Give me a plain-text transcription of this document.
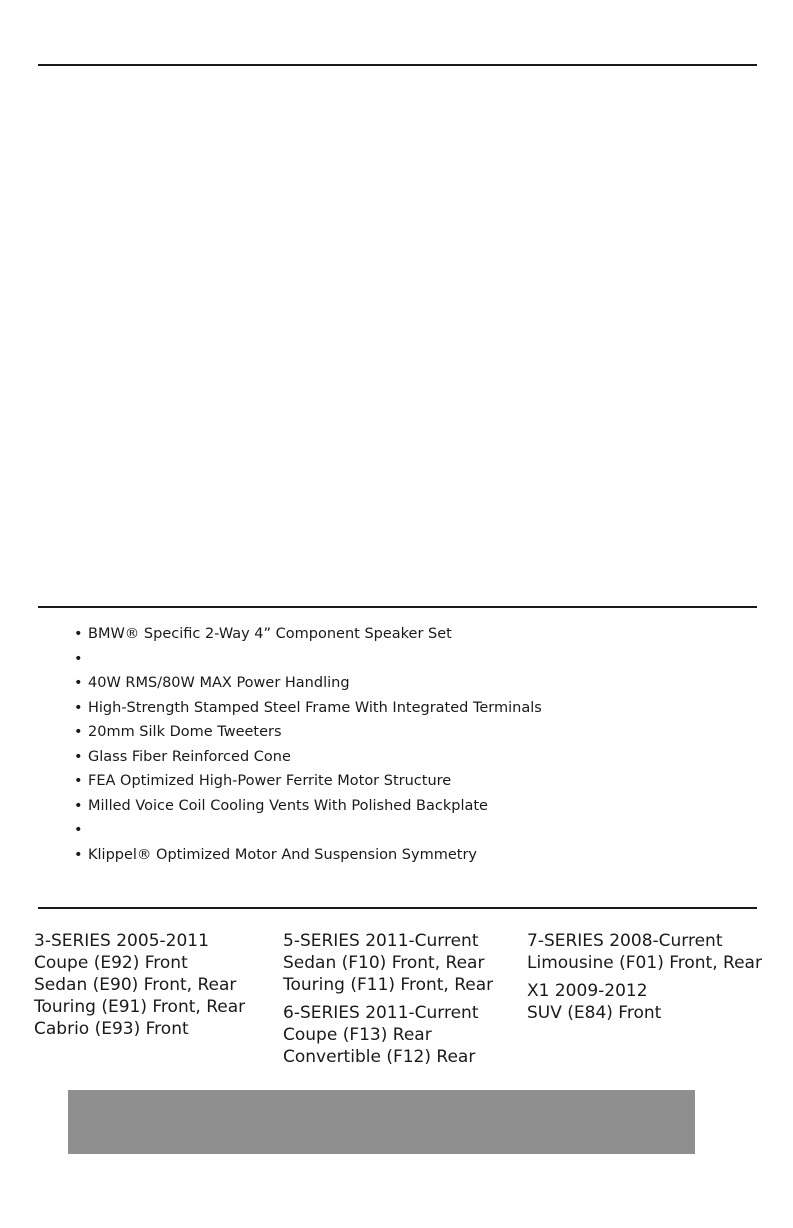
• BMW® Specific 2-Way 4” Component Speaker Set
•
• 40W RMS/80W MAX Power Handling
• High-Strength Stamped Steel Frame With Integrated Terminals
• 20mm Silk Dome Tweeters
• Glass Fiber Reinforced Cone
• FEA Optimized High-Power Ferrite Motor Structure
• Milled Voice Coil Cooling Vents With Polished Backplate
•
• Klippel® Optimized Motor And Suspension Symmetry
3-SERIES 2005-2011
Coupe (E92) Front
Sedan (E90) Front, Rear
Touring (E91) Front, Rear
Cabrio (E93) Front
5-SERIES 2011-Current
Sedan (F10) Front, Rear
Touring (F11) Front, Rear
6-SERIES 2011-Current
Coupe (F13) Rear
Convertible (F12) Rear
7-SERIES 2008-Current
Limousine (F01) Front, Rear
X1 2009-2012
SUV (E84) Front
